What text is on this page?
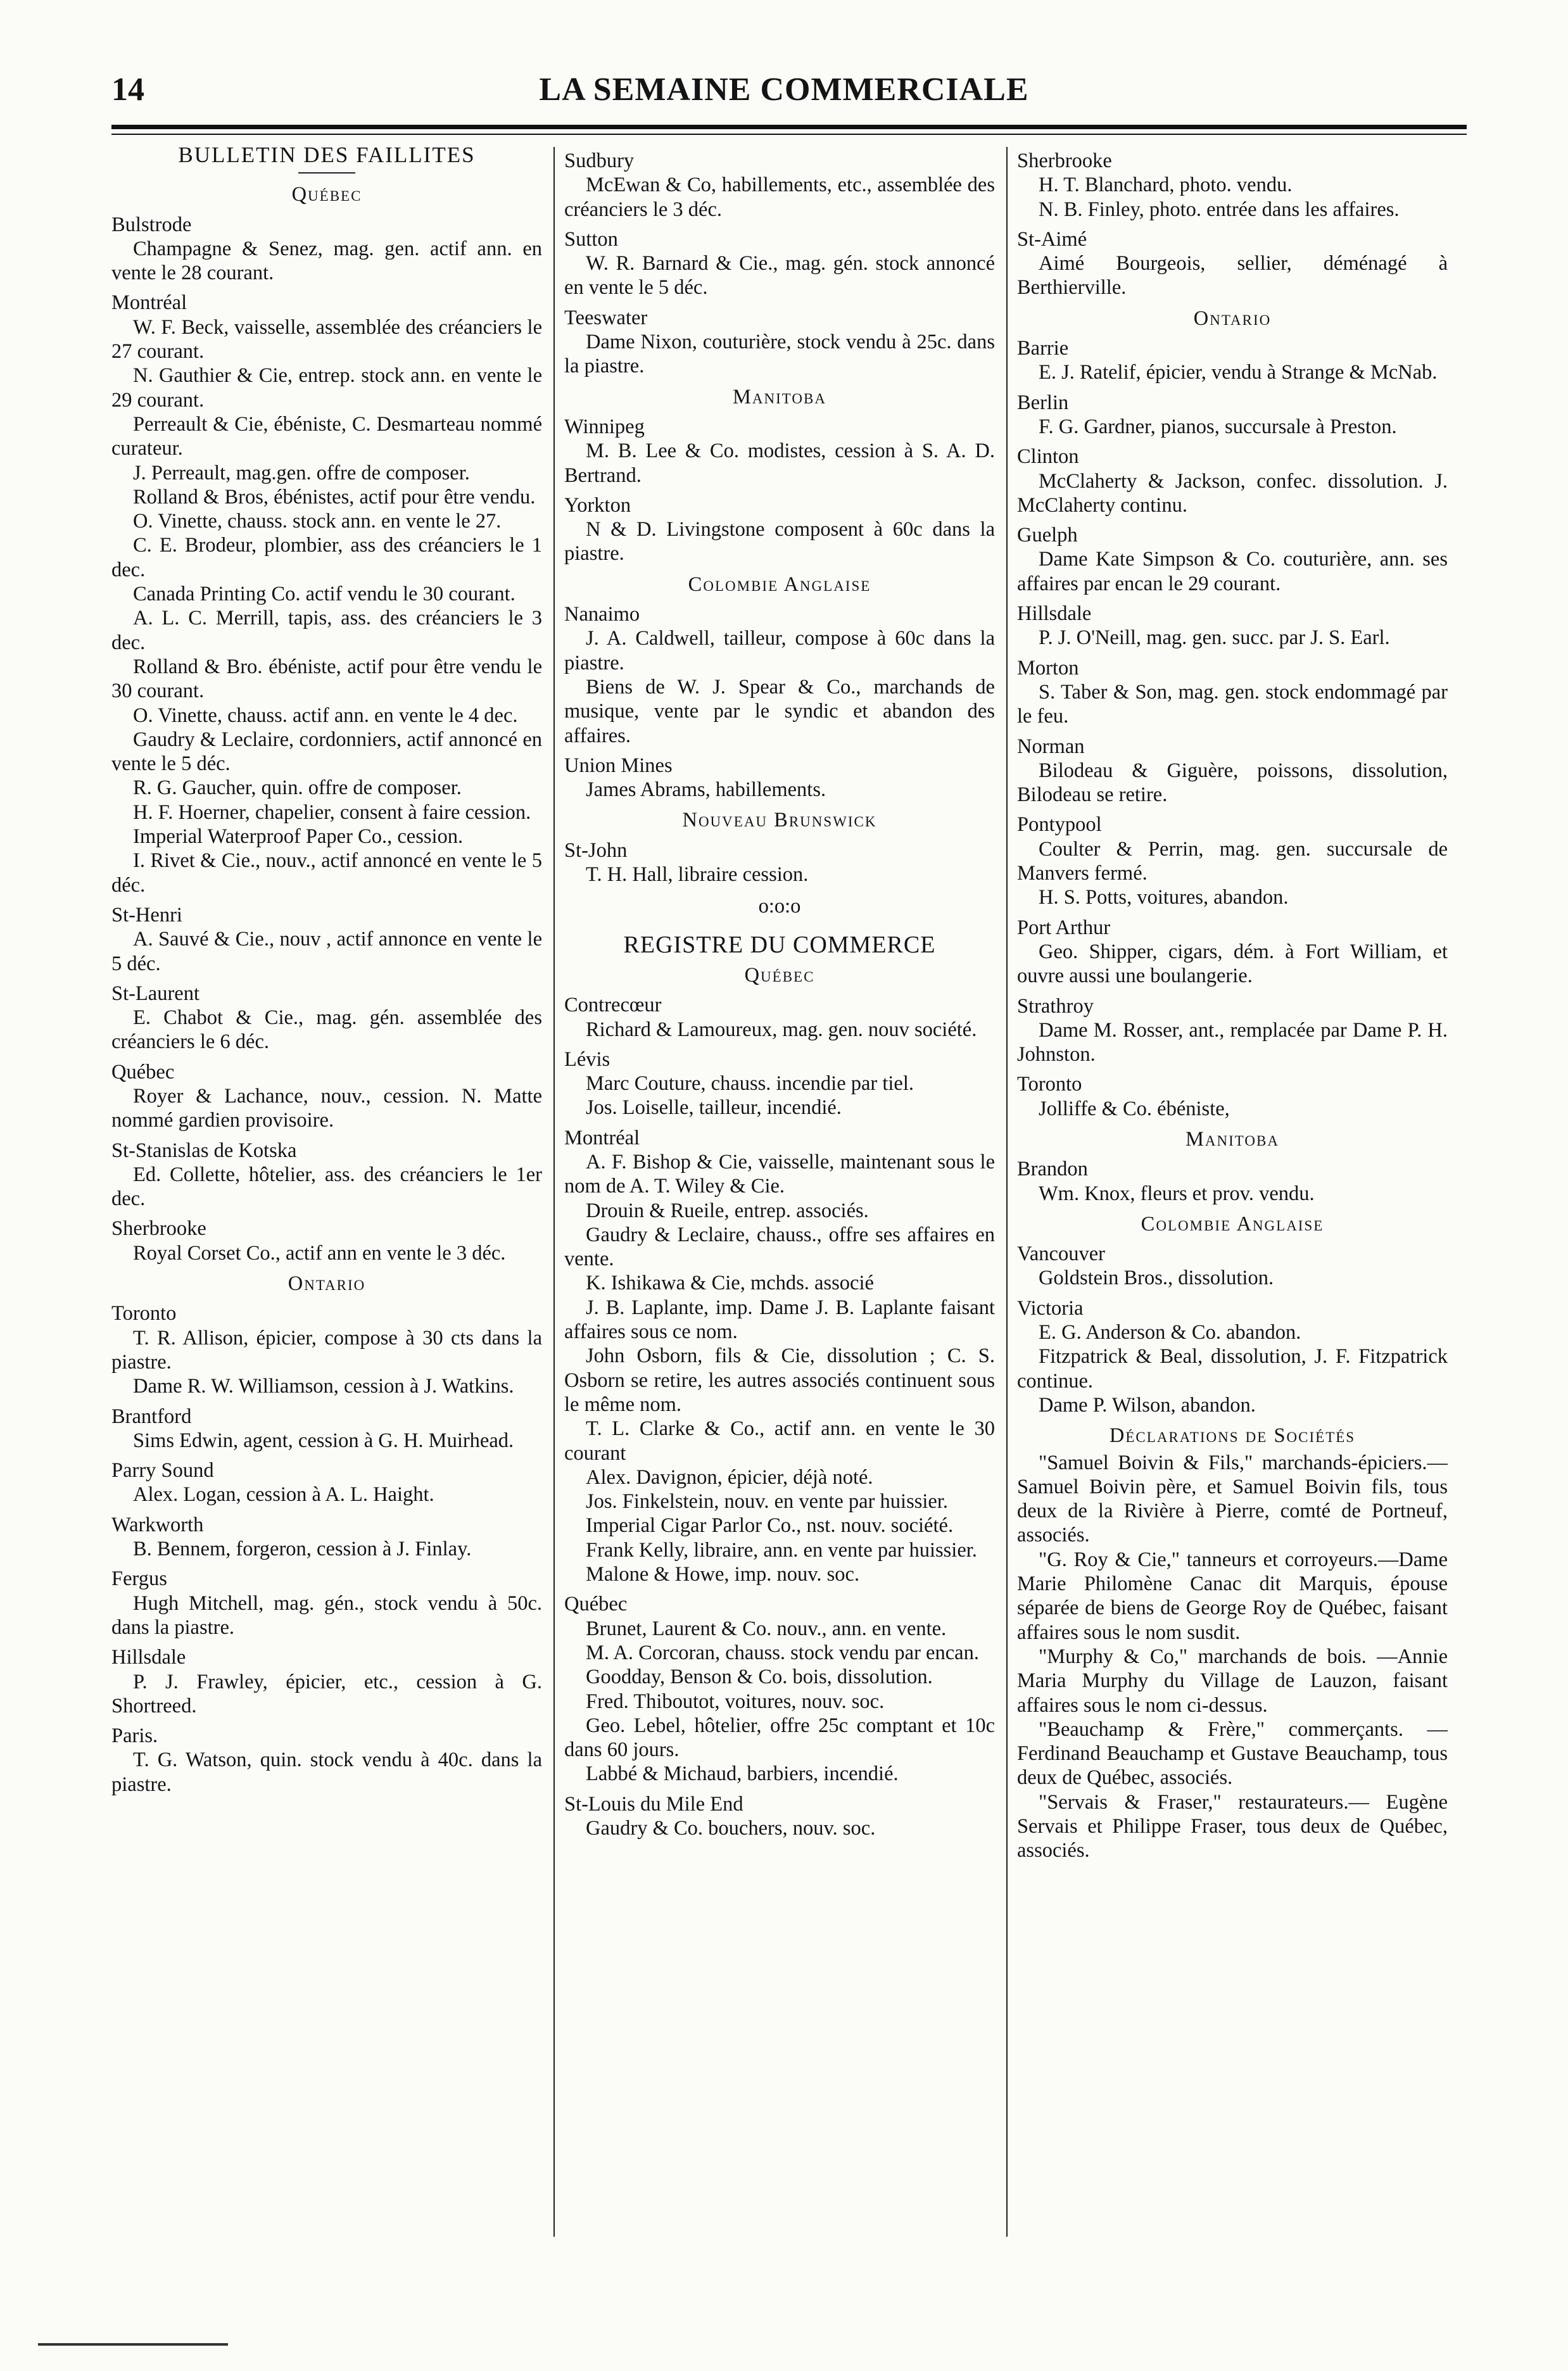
14	LA SEMAINE COMMERCIALE
BULLETIN DES FAILLITES
Québec
Bulstrode
Champagne & Senez, mag. gen. actif ann. en vente le 28 courant.
Montréal
W. F. Beck, vaisselle, assemblée des créanciers le 27 courant.
N. Gauthier & Cie, entrep. stock ann. en vente le 29 courant.
Perreault & Cie, ébéniste, C. Desmarteau nommé curateur.
J. Perreault, mag.gen. offre de composer.
Rolland & Bros, ébénistes, actif pour être vendu.
O. Vinette, chauss. stock ann. en vente le 27.
C. E. Brodeur, plombier, ass des créanciers le 1 dec.
Canada Printing Co. actif vendu le 30 courant.
A. L. C. Merrill, tapis, ass. des créanciers le 3 dec.
Rolland & Bro. ébéniste, actif pour être vendu le 30 courant.
O. Vinette, chauss. actif ann. en vente le 4 dec.
Gaudry & Leclaire, cordonniers, actif annoncé en vente le 5 déc.
R. G. Gaucher, quin. offre de composer.
H. F. Hoerner, chapelier, consent à faire cession.
Imperial Waterproof Paper Co., cession.
I. Rivet & Cie., nouv., actif annoncé en vente le 5 déc.
St-Henri
A. Sauvé & Cie., nouv , actif annonce en vente le 5 déc.
St-Laurent
E. Chabot & Cie., mag. gén. assemblée des créanciers le 6 déc.
Québec
Royer & Lachance, nouv., cession. N. Matte nommé gardien provisoire.
St-Stanislas de Kotska
Ed. Collette, hôtelier, ass. des créanciers le 1er dec.
Sherbrooke
Royal Corset Co., actif ann en vente le 3 déc.
Ontario
Toronto
T. R. Allison, épicier, compose à 30 cts dans la piastre.
Dame R. W. Williamson, cession à J. Watkins.
Brantford
Sims Edwin, agent, cession à G. H. Muirhead.
Parry Sound
Alex. Logan, cession à A. L. Haight.
Warkworth
B. Bennem, forgeron, cession à J. Finlay.
Fergus
Hugh Mitchell, mag. gén., stock vendu à 50c. dans la piastre.
Hillsdale
P. J. Frawley, épicier, etc., cession à G. Shortreed.
Paris.
T. G. Watson, quin. stock vendu à 40c. dans la piastre.
Sudbury
McEwan & Co, habillements, etc., assemblée des créanciers le 3 déc.
Sutton
W. R. Barnard & Cie., mag. gén. stock annoncé en vente le 5 déc.
Teeswater
Dame Nixon, couturière, stock vendu à 25c. dans la piastre.
Manitoba
Winnipeg
M. B. Lee & Co. modistes, cession à S. A. D. Bertrand.
Yorkton
N & D. Livingstone composent à 60c dans la piastre.
Colombie Anglaise
Nanaimo
J. A. Caldwell, tailleur, compose à 60c dans la piastre.
Biens de W. J. Spear & Co., marchands de musique, vente par le syndic et abandon des affaires.
Union Mines
James Abrams, habillements.
Nouveau Brunswick
St-John
T. H. Hall, libraire cession.
o:o:o
REGISTRE DU COMMERCE
Québec
Contrecœur
Richard & Lamoureux, mag. gen. nouv société.
Lévis
Marc Couture, chauss. incendie par tiel.
Jos. Loiselle, tailleur, incendié.
Montréal
A. F. Bishop & Cie, vaisselle, maintenant sous le nom de A. T. Wiley & Cie.
Drouin & Rueile, entrep. associés.
Gaudry & Leclaire, chauss., offre ses affaires en vente.
K. Ishikawa & Cie, mchds. associé
J. B. Laplante, imp. Dame J. B. Laplante faisant affaires sous ce nom.
John Osborn, fils & Cie, dissolution ; C. S. Osborn se retire, les autres associés continuent sous le même nom.
T. L. Clarke & Co., actif ann. en vente le 30 courant
Alex. Davignon, épicier, déjà noté.
Jos. Finkelstein, nouv. en vente par huissier.
Imperial Cigar Parlor Co., nst. nouv. société.
Frank Kelly, libraire, ann. en vente par huissier.
Malone & Howe, imp. nouv. soc.
Québec
Brunet, Laurent & Co. nouv., ann. en vente.
M. A. Corcoran, chauss. stock vendu par encan.
Goodday, Benson & Co. bois, dissolution.
Fred. Thiboutot, voitures, nouv. soc.
Geo. Lebel, hôtelier, offre 25c comptant et 10c dans 60 jours.
Labbé & Michaud, barbiers, incendié.
St-Louis du Mile End
Gaudry & Co. bouchers, nouv. soc.
Sherbrooke
H. T. Blanchard, photo. vendu.
N. B. Finley, photo. entrée dans les affaires.
St-Aimé
Aimé Bourgeois, sellier, déménagé à Berthierville.
Ontario
Barrie
E. J. Ratelif, épicier, vendu à Strange & McNab.
Berlin
F. G. Gardner, pianos, succursale à Preston.
Clinton
McClaherty & Jackson, confec. dissolution. J. McClaherty continu.
Guelph
Dame Kate Simpson & Co. couturière, ann. ses affaires par encan le 29 courant.
Hillsdale
P. J. O'Neill, mag. gen. succ. par J. S. Earl.
Morton
S. Taber & Son, mag. gen. stock endommagé par le feu.
Norman
Bilodeau & Giguère, poissons, dissolution, Bilodeau se retire.
Pontypool
Coulter & Perrin, mag. gen. succursale de Manvers fermé.
H. S. Potts, voitures, abandon.
Port Arthur
Geo. Shipper, cigars, dém. à Fort William, et ouvre aussi une boulangerie.
Strathroy
Dame M. Rosser, ant., remplacée par Dame P. H. Johnston.
Toronto
Jolliffe & Co. ébéniste,
Manitoba
Brandon
Wm. Knox, fleurs et prov. vendu.
Colombie Anglaise
Vancouver
Goldstein Bros., dissolution.
Victoria
E. G. Anderson & Co. abandon.
Fitzpatrick & Beal, dissolution, J. F. Fitzpatrick continue.
Dame P. Wilson, abandon.
Déclarations de Sociétés
"Samuel Boivin & Fils," marchands-épiciers.—Samuel Boivin père, et Samuel Boivin fils, tous deux de la Rivière à Pierre, comté de Portneuf, associés.
"G. Roy & Cie," tanneurs et corroyeurs.—Dame Marie Philomène Canac dit Marquis, épouse séparée de biens de George Roy de Québec, faisant affaires sous le nom susdit.
"Murphy & Co," marchands de bois. —Annie Maria Murphy du Village de Lauzon, faisant affaires sous le nom ci-dessus.
"Beauchamp & Frère," commerçants. —Ferdinand Beauchamp et Gustave Beauchamp, tous deux de Québec, associés.
"Servais & Fraser," restaurateurs.— Eugène Servais et Philippe Fraser, tous deux de Québec, associés.
